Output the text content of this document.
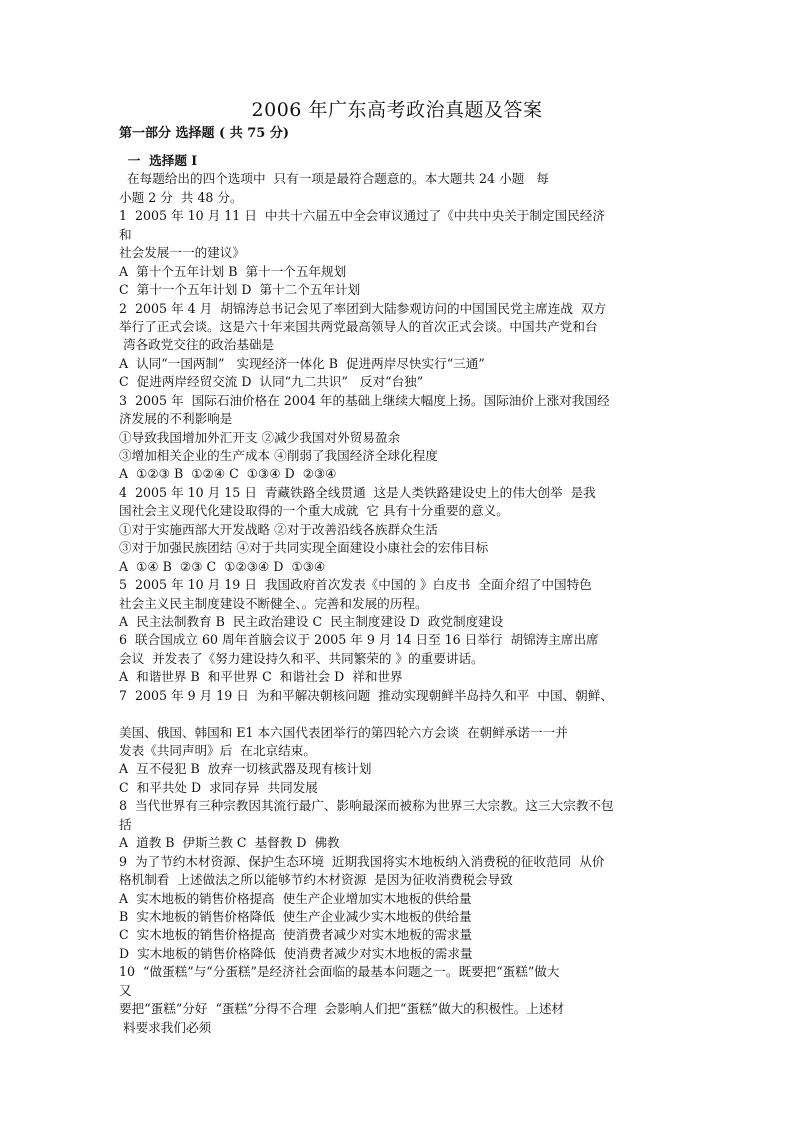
2006 年广东高考政治真题及答案
第一部分 选择题 ( 共 75 分)
一  选择题 I
在每题给出的四个选项中  只有一项是最符合题意的。本大题共 24 小题   每
小题 2 分  共 48 分。
1  2005 年 10 月 11 日  中共十六届五中全会审议通过了《中共中央关于制定国民经济
和
社会发展一一的建议》
A  第十个五年计划 B  第十一个五年规划
C  第十一个五年计划 D  第十二个五年计划
2  2005 年 4 月  胡锦涛总书记会见了率团到大陆参观访问的中国国民党主席连战  双方
举行了正式会谈。这是六十年来国共两党最高领导人的首次正式会谈。中国共产党和台
湾各政党交往的政治基础是
A  认同“一国两制”   实现经济一体化 B  促进两岸尽快实行“三通”
C  促进两岸经贸交流 D  认同“九二共识”   反对“台独”
3  2005 年  国际石油价格在 2004 年的基础上继续大幅度上扬。国际油价上涨对我国经
济发展的不利影响是
①导致我国增加外汇开支 ②减少我国对外贸易盈余
③增加相关企业的生产成本 ④削弱了我国经济全球化程度
A  ①②③ B  ①②④ C  ①③④ D  ②③④
4  2005 年 10 月 15 日  青藏铁路全线贯通  这是人类铁路建设史上的伟大创举  是我
国社会主义现代化建设取得的一个重大成就  它 具有十分重要的意义。
①对于实施西部大开发战略 ②对于改善沿线各族群众生活
③对于加强民族团结 ④对于共同实现全面建设小康社会的宏伟目标
A  ①④ B  ②③ C  ①②③④ D  ①③④
5  2005 年 10 月 19 日  我国政府首次发表《中国的 》白皮书  全面介绍了中国特色
社会主义民主制度建设不断健全、。完善和发展的历程。
A  民主法制教育 B  民主政治建设 C  民主制度建设 D  政党制度建设
6  联合国成立 60 周年首脑会议于 2005 年 9 月 14 日至 16 日举行  胡锦涛主席出席
会议  并发表了《努力建设持久和平、共同繁荣的 》的重要讲话。
A  和谐世界 B  和平世界 C  和谐社会 D  祥和世界
7  2005 年 9 月 19 日  为和平解决朝核问题  推动实现朝鲜半岛持久和平  中国、朝鲜、
美国、俄国、韩国和 E1 本六国代表团举行的第四轮六方会谈  在朝鲜承诺一一并
发表《共同声明》后  在北京结束。
A  互不侵犯 B  放弃一切核武器及现有核计划
C  和平共处 D  求同存异  共同发展
8  当代世界有三种宗教因其流行最广、影响最深而被称为世界三大宗教。这三大宗教不包
括
A  道教 B  伊斯兰教 C  基督教 D  佛教
9  为了节约木材资源、保护生态环境  近期我国将实木地板纳入消费税的征收范同  从价
格机制看  上述做法之所以能够节约木材资源  是因为征收消费税会导致
A  实木地板的销售价格提高  使生产企业增加实木地板的供给量
B  实木地板的销售价格降低  使生产企业减少实木地板的供给量
C  实木地板的销售价格提高  使消费者减少对实木地板的需求量
D  实木地板的销售价格降低  使消费者减少对实木地板的需求量
10  “做蛋糕”与“分蛋糕”是经济社会面临的最基本问题之一。既要把“蛋糕”做大
又
要把“蛋糕”分好  “蛋糕”分得不合理  会影响人们把“蛋糕”做大的积极性。上述材
料要求我们必须
